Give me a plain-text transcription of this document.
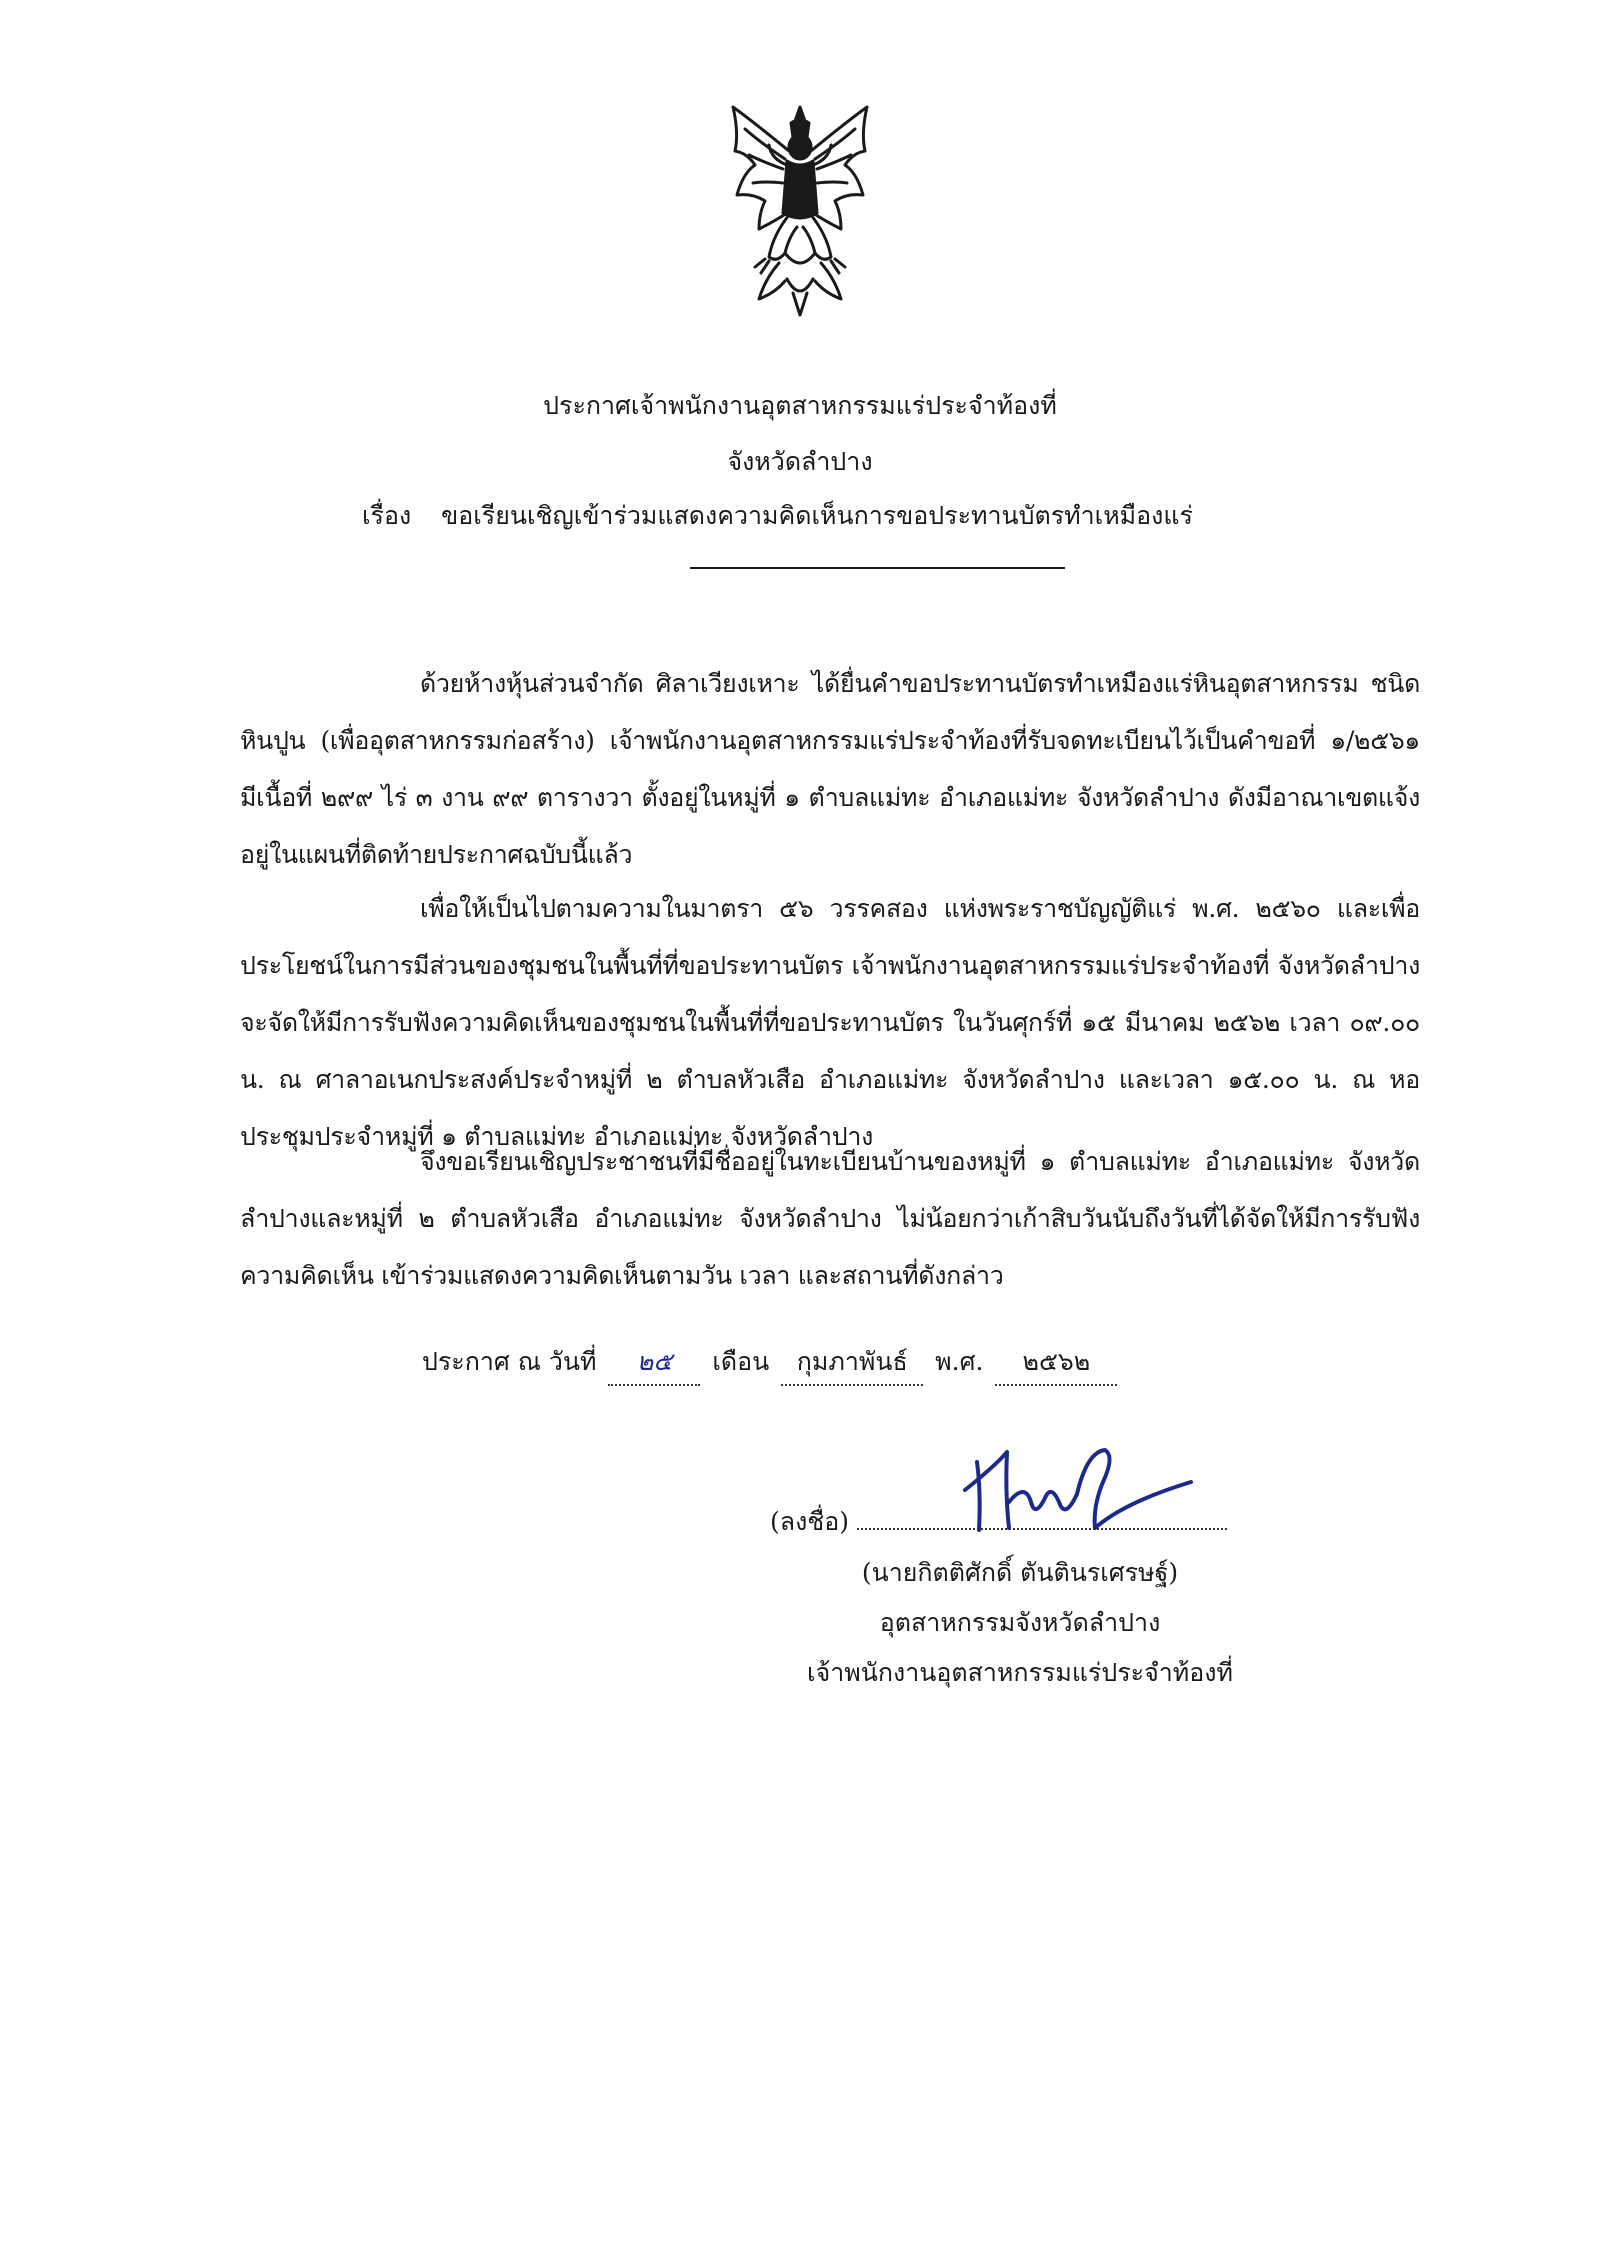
ประกาศเจ้าพนักงานอุตสาหกรรมแร่ประจำท้องที่
จังหวัดลำปาง
เรื่อง ขอเรียนเชิญเข้าร่วมแสดงความคิดเห็นการขอประทานบัตรทำเหมืองแร่
ด้วยห้างหุ้นส่วนจำกัด ศิลาเวียงเหาะ ได้ยื่นคำขอประทานบัตรทำเหมืองแร่หินอุตสาหกรรม ชนิดหินปูน (เพื่ออุตสาหกรรมก่อสร้าง) เจ้าพนักงานอุตสาหกรรมแร่ประจำท้องที่รับจดทะเบียนไว้เป็นคำขอที่ ๑/๒๕๖๑ มีเนื้อที่ ๒๙๙ ไร่ ๓ งาน ๙๙ ตารางวา ตั้งอยู่ในหมู่ที่ ๑ ตำบลแม่ทะ อำเภอแม่ทะ จังหวัดลำปาง ดังมีอาณาเขตแจ้งอยู่ในแผนที่ติดท้ายประกาศฉบับนี้แล้ว
เพื่อให้เป็นไปตามความในมาตรา ๕๖ วรรคสอง แห่งพระราชบัญญัติแร่ พ.ศ. ๒๕๖๐ และเพื่อประโยชน์ในการมีส่วนของชุมชนในพื้นที่ที่ขอประทานบัตร เจ้าพนักงานอุตสาหกรรมแร่ประจำท้องที่ จังหวัดลำปาง จะจัดให้มีการรับฟังความคิดเห็นของชุมชนในพื้นที่ที่ขอประทานบัตร ในวันศุกร์ที่ ๑๕ มีนาคม ๒๕๖๒ เวลา ๐๙.๐๐ น. ณ ศาลาอเนกประสงค์ประจำหมู่ที่ ๒ ตำบลหัวเสือ อำเภอแม่ทะ จังหวัดลำปาง และเวลา ๑๕.๐๐ น. ณ หอประชุมประจำหมู่ที่ ๑ ตำบลแม่ทะ อำเภอแม่ทะ จังหวัดลำปาง
จึงขอเรียนเชิญประชาชนที่มีชื่ออยู่ในทะเบียนบ้านของหมู่ที่ ๑ ตำบลแม่ทะ อำเภอแม่ทะ จังหวัดลำปางและหมู่ที่ ๒ ตำบลหัวเสือ อำเภอแม่ทะ จังหวัดลำปาง ไม่น้อยกว่าเก้าสิบวันนับถึงวันที่ได้จัดให้มีการรับฟังความคิดเห็น เข้าร่วมแสดงความคิดเห็นตามวัน เวลา และสถานที่ดังกล่าว
ประกาศ ณ วันที่ ๒๕ เดือน กุมภาพันธ์ พ.ศ. ๒๕๖๒
(ลงชื่อ)
(นายกิตติศักดิ์ ตันตินรเศรษฐ์)
อุตสาหกรรมจังหวัดลำปาง
เจ้าพนักงานอุตสาหกรรมแร่ประจำท้องที่
